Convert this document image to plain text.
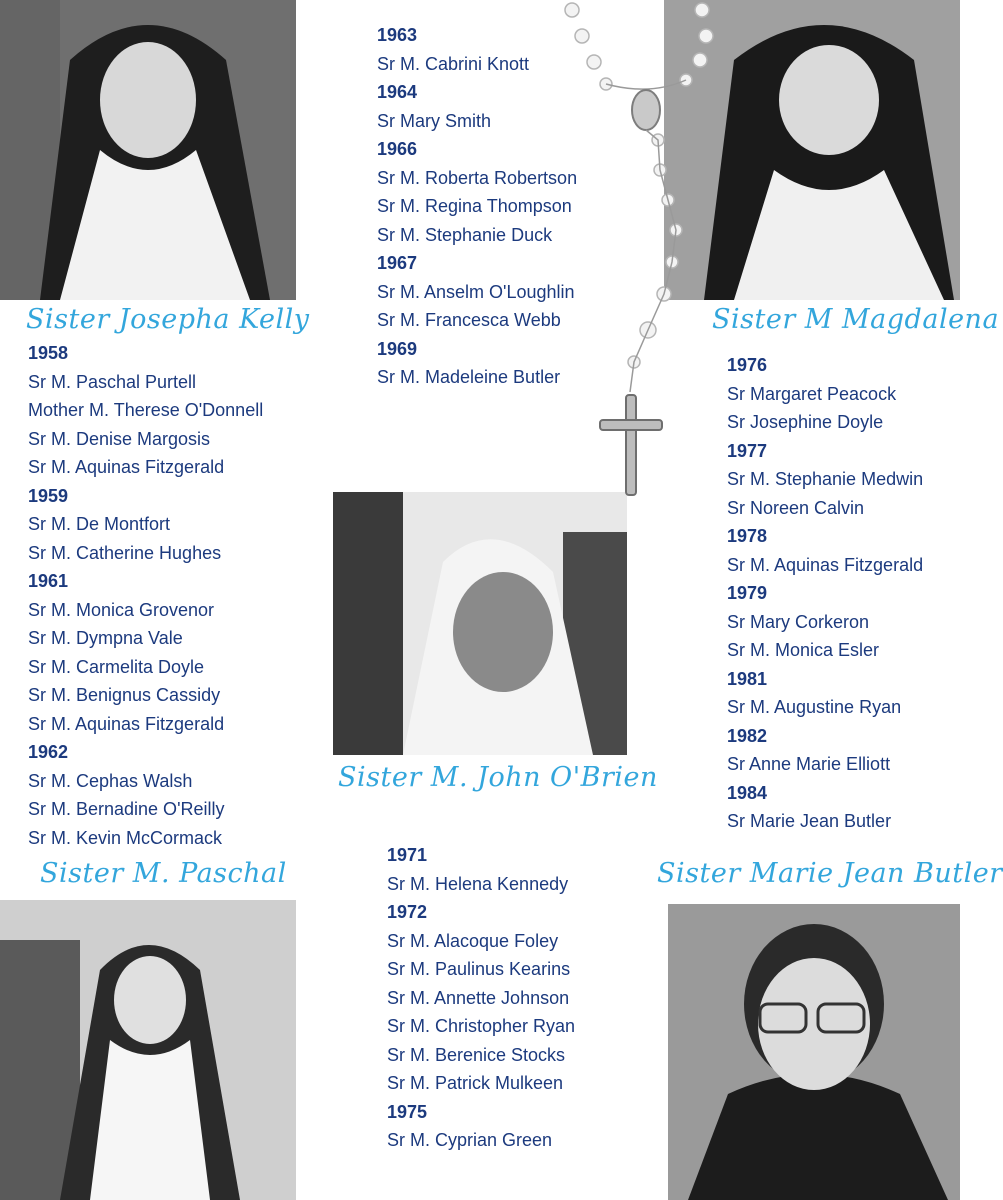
Sister Josepha Kelly	Sister M Magdalena

Sister M. John O'Brien

Sister M. Paschal	Sister Marie Jean Butler

1958
Sr M. Paschal Purtell
Mother M. Therese O'Donnell
Sr M. Denise Margosis
Sr M. Aquinas Fitzgerald
1959
Sr M. De Montfort
Sr M. Catherine Hughes
1961
Sr M. Monica Grovenor
Sr M. Dympna Vale
Sr M. Carmelita Doyle
Sr M. Benignus Cassidy
Sr M. Aquinas Fitzgerald
1962
Sr M. Cephas Walsh
Sr M. Bernadine O'Reilly
Sr M. Kevin McCormack
1963
Sr M. Cabrini Knott
1964
Sr Mary Smith
1966
Sr M. Roberta Robertson
Sr M. Regina Thompson
Sr M. Stephanie Duck
1967
Sr M. Anselm O'Loughlin
Sr M. Francesca Webb
1969
Sr M. Madeleine Butler
1971
Sr M. Helena Kennedy
1972
Sr M. Alacoque Foley
Sr M. Paulinus Kearins
Sr M. Annette Johnson
Sr M. Christopher Ryan
Sr M. Berenice Stocks
Sr M. Patrick Mulkeen
1975
Sr M. Cyprian Green
1976
Sr Margaret Peacock
Sr Josephine Doyle
1977
Sr M. Stephanie Medwin
Sr Noreen Calvin
1978
Sr M. Aquinas Fitzgerald
1979
Sr Mary Corkeron
Sr M. Monica Esler
1981
Sr M. Augustine Ryan
1982
Sr Anne Marie Elliott
1984
Sr Marie Jean Butler
